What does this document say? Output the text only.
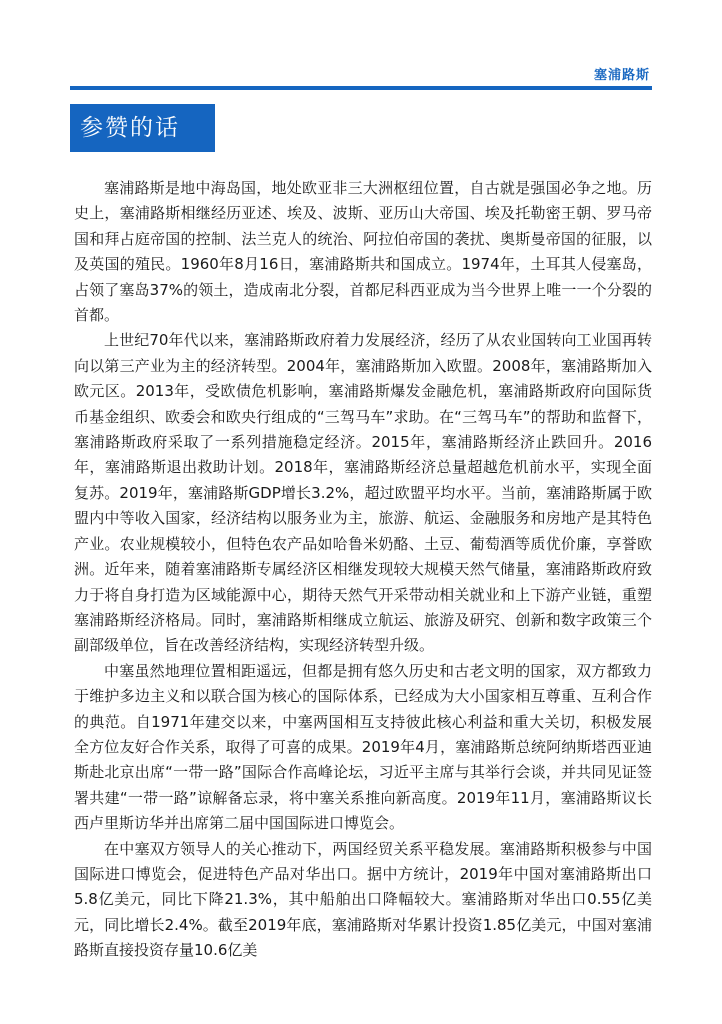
塞浦路斯
参赞的话

塞浦路斯是地中海岛国，地处欧亚非三大洲枢纽位置，自古就是强国必争之地。历史上，塞浦路斯相继经历亚述、埃及、波斯、亚历山大帝国、埃及托勒密王朝、罗马帝国和拜占庭帝国的控制、法兰克人的统治、阿拉伯帝国的袭扰、奥斯曼帝国的征服，以及英国的殖民。1960年8月16日，塞浦路斯共和国成立。1974年，土耳其人侵塞岛，占领了塞岛37%的领土，造成南北分裂，首都尼科西亚成为当今世界上唯一一个分裂的首都。

上世纪70年代以来，塞浦路斯政府着力发展经济，经历了从农业国转向工业国再转向以第三产业为主的经济转型。2004年，塞浦路斯加入欧盟。2008年，塞浦路斯加入欧元区。2013年，受欧债危机影响，塞浦路斯爆发金融危机，塞浦路斯政府向国际货币基金组织、欧委会和欧央行组成的“三驾马车”求助。在“三驾马车”的帮助和监督下，塞浦路斯政府采取了一系列措施稳定经济。2015年，塞浦路斯经济止跌回升。2016年，塞浦路斯退出救助计划。2018年，塞浦路斯经济总量超越危机前水平，实现全面复苏。2019年，塞浦路斯GDP增长3.2%，超过欧盟平均水平。当前，塞浦路斯属于欧盟内中等收入国家，经济结构以服务业为主，旅游、航运、金融服务和房地产是其特色产业。农业规模较小，但特色农产品如哈鲁米奶酪、土豆、葡萄酒等质优价廉，享誉欧洲。近年来，随着塞浦路斯专属经济区相继发现较大规模天然气储量，塞浦路斯政府致力于将自身打造为区域能源中心，期待天然气开采带动相关就业和上下游产业链，重塑塞浦路斯经济格局。同时，塞浦路斯相继成立航运、旅游及研究、创新和数字政策三个副部级单位，旨在改善经济结构，实现经济转型升级。

中塞虽然地理位置相距遥远，但都是拥有悠久历史和古老文明的国家，双方都致力于维护多边主义和以联合国为核心的国际体系，已经成为大小国家相互尊重、互利合作的典范。自1971年建交以来，中塞两国相互支持彼此核心利益和重大关切，积极发展全方位友好合作关系，取得了可喜的成果。2019年4月，塞浦路斯总统阿纳斯塔西亚迪斯赴北京出席“一带一路”国际合作高峰论坛，习近平主席与其举行会谈，并共同见证签署共建“一带一路”谅解备忘录，将中塞关系推向新高度。2019年11月，塞浦路斯议长西卢里斯访华并出席第二届中国国际进口博览会。

在中塞双方领导人的关心推动下，两国经贸关系平稳发展。塞浦路斯积极参与中国国际进口博览会，促进特色产品对华出口。据中方统计，2019年中国对塞浦路斯出口5.8亿美元，同比下降21.3%，其中船舶出口降幅较大。塞浦路斯对华出口0.55亿美元，同比增长2.4%。截至2019年底，塞浦路斯对华累计投资1.85亿美元，中国对塞浦路斯直接投资存量10.6亿美
